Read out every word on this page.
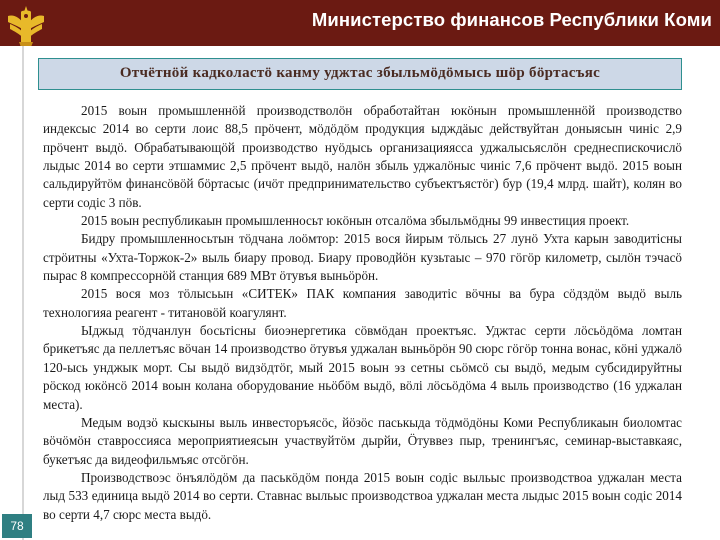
Министерство финансов Республики Коми
Отчётнӧй кадколастӧ канму уджтас збыльмӧдӧмысь шӧр бӧртасъяс

2015 воын промышленнӧй производстволӧн обработайтан юкӧнын промышленнӧй производство индексыс 2014 во серти лоис 88,5 прӧчент, мӧдӧдӧм продукция ыдждӓыс действуйтан доныясын чиніс 2,9 прӧчент выдӧ. Обрабатывающӧй производство нуӧдысь организацияясса уджалысьяслӧн среднеспискочислӧ лыдыс 2014 во серти этшаммис 2,5 прӧчент выдӧ, налӧн збыль уджалӧныс чиніс 7,6 прӧчент выдӧ. 2015 воын сальдируйтӧм финансӧвӧй бӧртасыс (ичӧт предпринимательство субъектъястӧг) бур (19,4 млрд. шайт), колян во серти содіс 3 пӧв.

2015 воын республикаын промышленносьт юкӧнын отсалӧма збыльмӧдны 99 инвестиция проект.

Бидру промышленносьтын тӧдчана лоӧмтор: 2015 вося йирым тӧлысь 27 лунӧ Ухта карын заводитісны стрӧитны «Ухта-Торжок-2» выль биару провод. Биару проводйӧн кузьтаыс – 970 гӧгӧр километр, сылӧн тэчасӧ пырас 8 компрессорнӧй станция 689 МВт ӧтувъя выньӧрӧн.

2015 вося моз тӧлысьын «СИТЕК» ПАК компания заводитіс вӧчны ва бура сӧдздӧм выдӧ выль технологияа реагент - титановӧй коагулянт.

Ыджыд тӧдчанлун босьтісны биоэнергетика сӧвмӧдан проектъяс. Уджтас серти лӧсьӧдӧма ломтан брикетъяс да пеллетъяс вӧчан 14 производство ӧтувъя уджалан выньӧрӧн 90 сюрс гӧгӧр тонна вонас, кӧні уджалӧ 120-ысь унджык морт. Сы выдӧ видзӧдтӧг, мый 2015 воын эз сетны сьӧмсӧ сы выдӧ, медым субсидируйтны рӧскод юкӧнсӧ 2014 воын колана оборудование ньӧбӧм выдӧ, вӧлі лӧсьӧдӧма 4 выль производство (16 уджалан места).

Медым водзӧ кыскыны выль инвесторъясӧс, йӧзӧс паськыда тӧдмӧдӧны Коми Республикаын биоломтас вӧчӧмӧн ставроссияса мероприятиеясын участвуйтӧм дырйи, Ӧтуввез пыр, тренингъяс, семинар-выставкаяс, букетъяс да видеофильмъяс отсӧгӧн.

Производствоэс ӧнъялӧдӧм да паськӧдӧм понда 2015 воын содіс выльыс производствоа уджалан места лыд 533 единица выдӧ 2014 во серти. Ставнас выльыс производствоа уджалан места лыдыс 2015 воын содіс 2014 во серти 4,7 сюрс места выдӧ.

78
